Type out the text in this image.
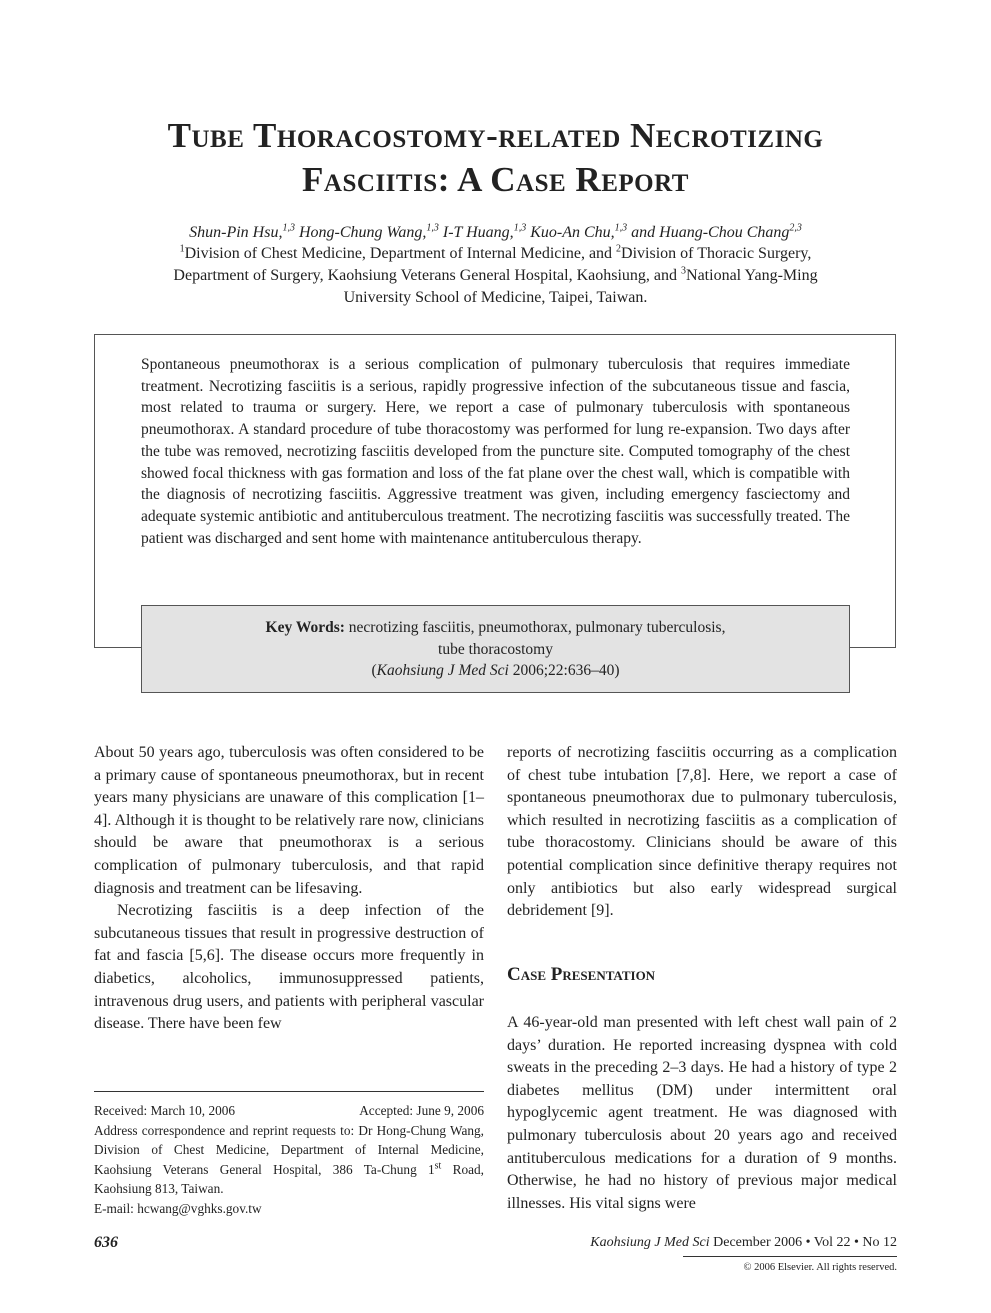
Tube Thoracostomy-related Necrotizing
Fasciitis: A Case Report
Shun-Pin Hsu,$^{1,3}$ Hong-Chung Wang,$^{1,3}$ I-T Huang,$^{1,3}$ Kuo-An Chu,$^{1,3}$ and Huang-Chou Chang$^{2,3}$
$^1$Division of Chest Medicine, Department of Internal Medicine, and $^2$Division of Thoracic Surgery,
Department of Surgery, Kaohsiung Veterans General Hospital, Kaohsiung, and $^3$National Yang-Ming
University School of Medicine, Taipei, Taiwan.
Spontaneous pneumothorax is a serious complication of pulmonary tuberculosis that requires immediate treatment. Necrotizing fasciitis is a serious, rapidly progressive infection of the subcutaneous tissue and fascia, most related to trauma or surgery. Here, we report a case of pulmonary tuberculosis with spontaneous pneumothorax. A standard procedure of tube thoracostomy was performed for lung re-expansion. Two days after the tube was removed, necrotizing fasciitis developed from the puncture site. Computed tomography of the chest showed focal thickness with gas formation and loss of the fat plane over the chest wall, which is compatible with the diagnosis of necrotizing fasciitis. Aggressive treatment was given, including emergency fasciectomy and adequate systemic antibiotic and antituberculous treatment. The necrotizing fasciitis was successfully treated. The patient was discharged and sent home with maintenance antituberculous therapy.
Key Words: necrotizing fasciitis, pneumothorax, pulmonary tuberculosis,
tube thoracostomy
(Kaohsiung J Med Sci 2006;22:636–40)

About 50 years ago, tuberculosis was often considered to be a primary cause of spontaneous pneumothorax, but in recent years many physicians are unaware of this complication [1–4]. Although it is thought to be relatively rare now, clinicians should be aware that pneumothorax is a serious complication of pulmonary tuberculosis, and that rapid diagnosis and treatment can be lifesaving.

Necrotizing fasciitis is a deep infection of the subcutaneous tissues that result in progressive destruction of fat and fascia [5,6]. The disease occurs more frequently in diabetics, alcoholics, immunosuppressed patients, intravenous drug users, and patients with peripheral vascular disease. There have been few

reports of necrotizing fasciitis occurring as a complication of chest tube intubation [7,8]. Here, we report a case of spontaneous pneumothorax due to pulmonary tuberculosis, which resulted in necrotizing fasciitis as a complication of tube thoracostomy. Clinicians should be aware of this potential complication since definitive therapy requires not only antibiotics but also early widespread surgical debridement [9].

Case Presentation

A 46-year-old man presented with left chest wall pain of 2 days’ duration. He reported increasing dyspnea with cold sweats in the preceding 2–3 days. He had a history of type 2 diabetes mellitus (DM) under intermittent oral hypoglycemic agent treatment. He was diagnosed with pulmonary tuberculosis about 20 years ago and received antituberculous medications for a duration of 9 months. Otherwise, he had no history of previous major medical illnesses. His vital signs were

Received: March 10, 2006	Accepted: June 9, 2006
Address correspondence and reprint requests to: Dr Hong-Chung Wang, Division of Chest Medicine, Department of Internal Medicine, Kaohsiung Veterans General Hospital, 386 Ta-Chung 1st Road, Kaohsiung 813, Taiwan.
E-mail: hcwang@vghks.gov.tw
636	Kaohsiung J Med Sci December 2006 • Vol 22 • No 12
© 2006 Elsevier. All rights reserved.
